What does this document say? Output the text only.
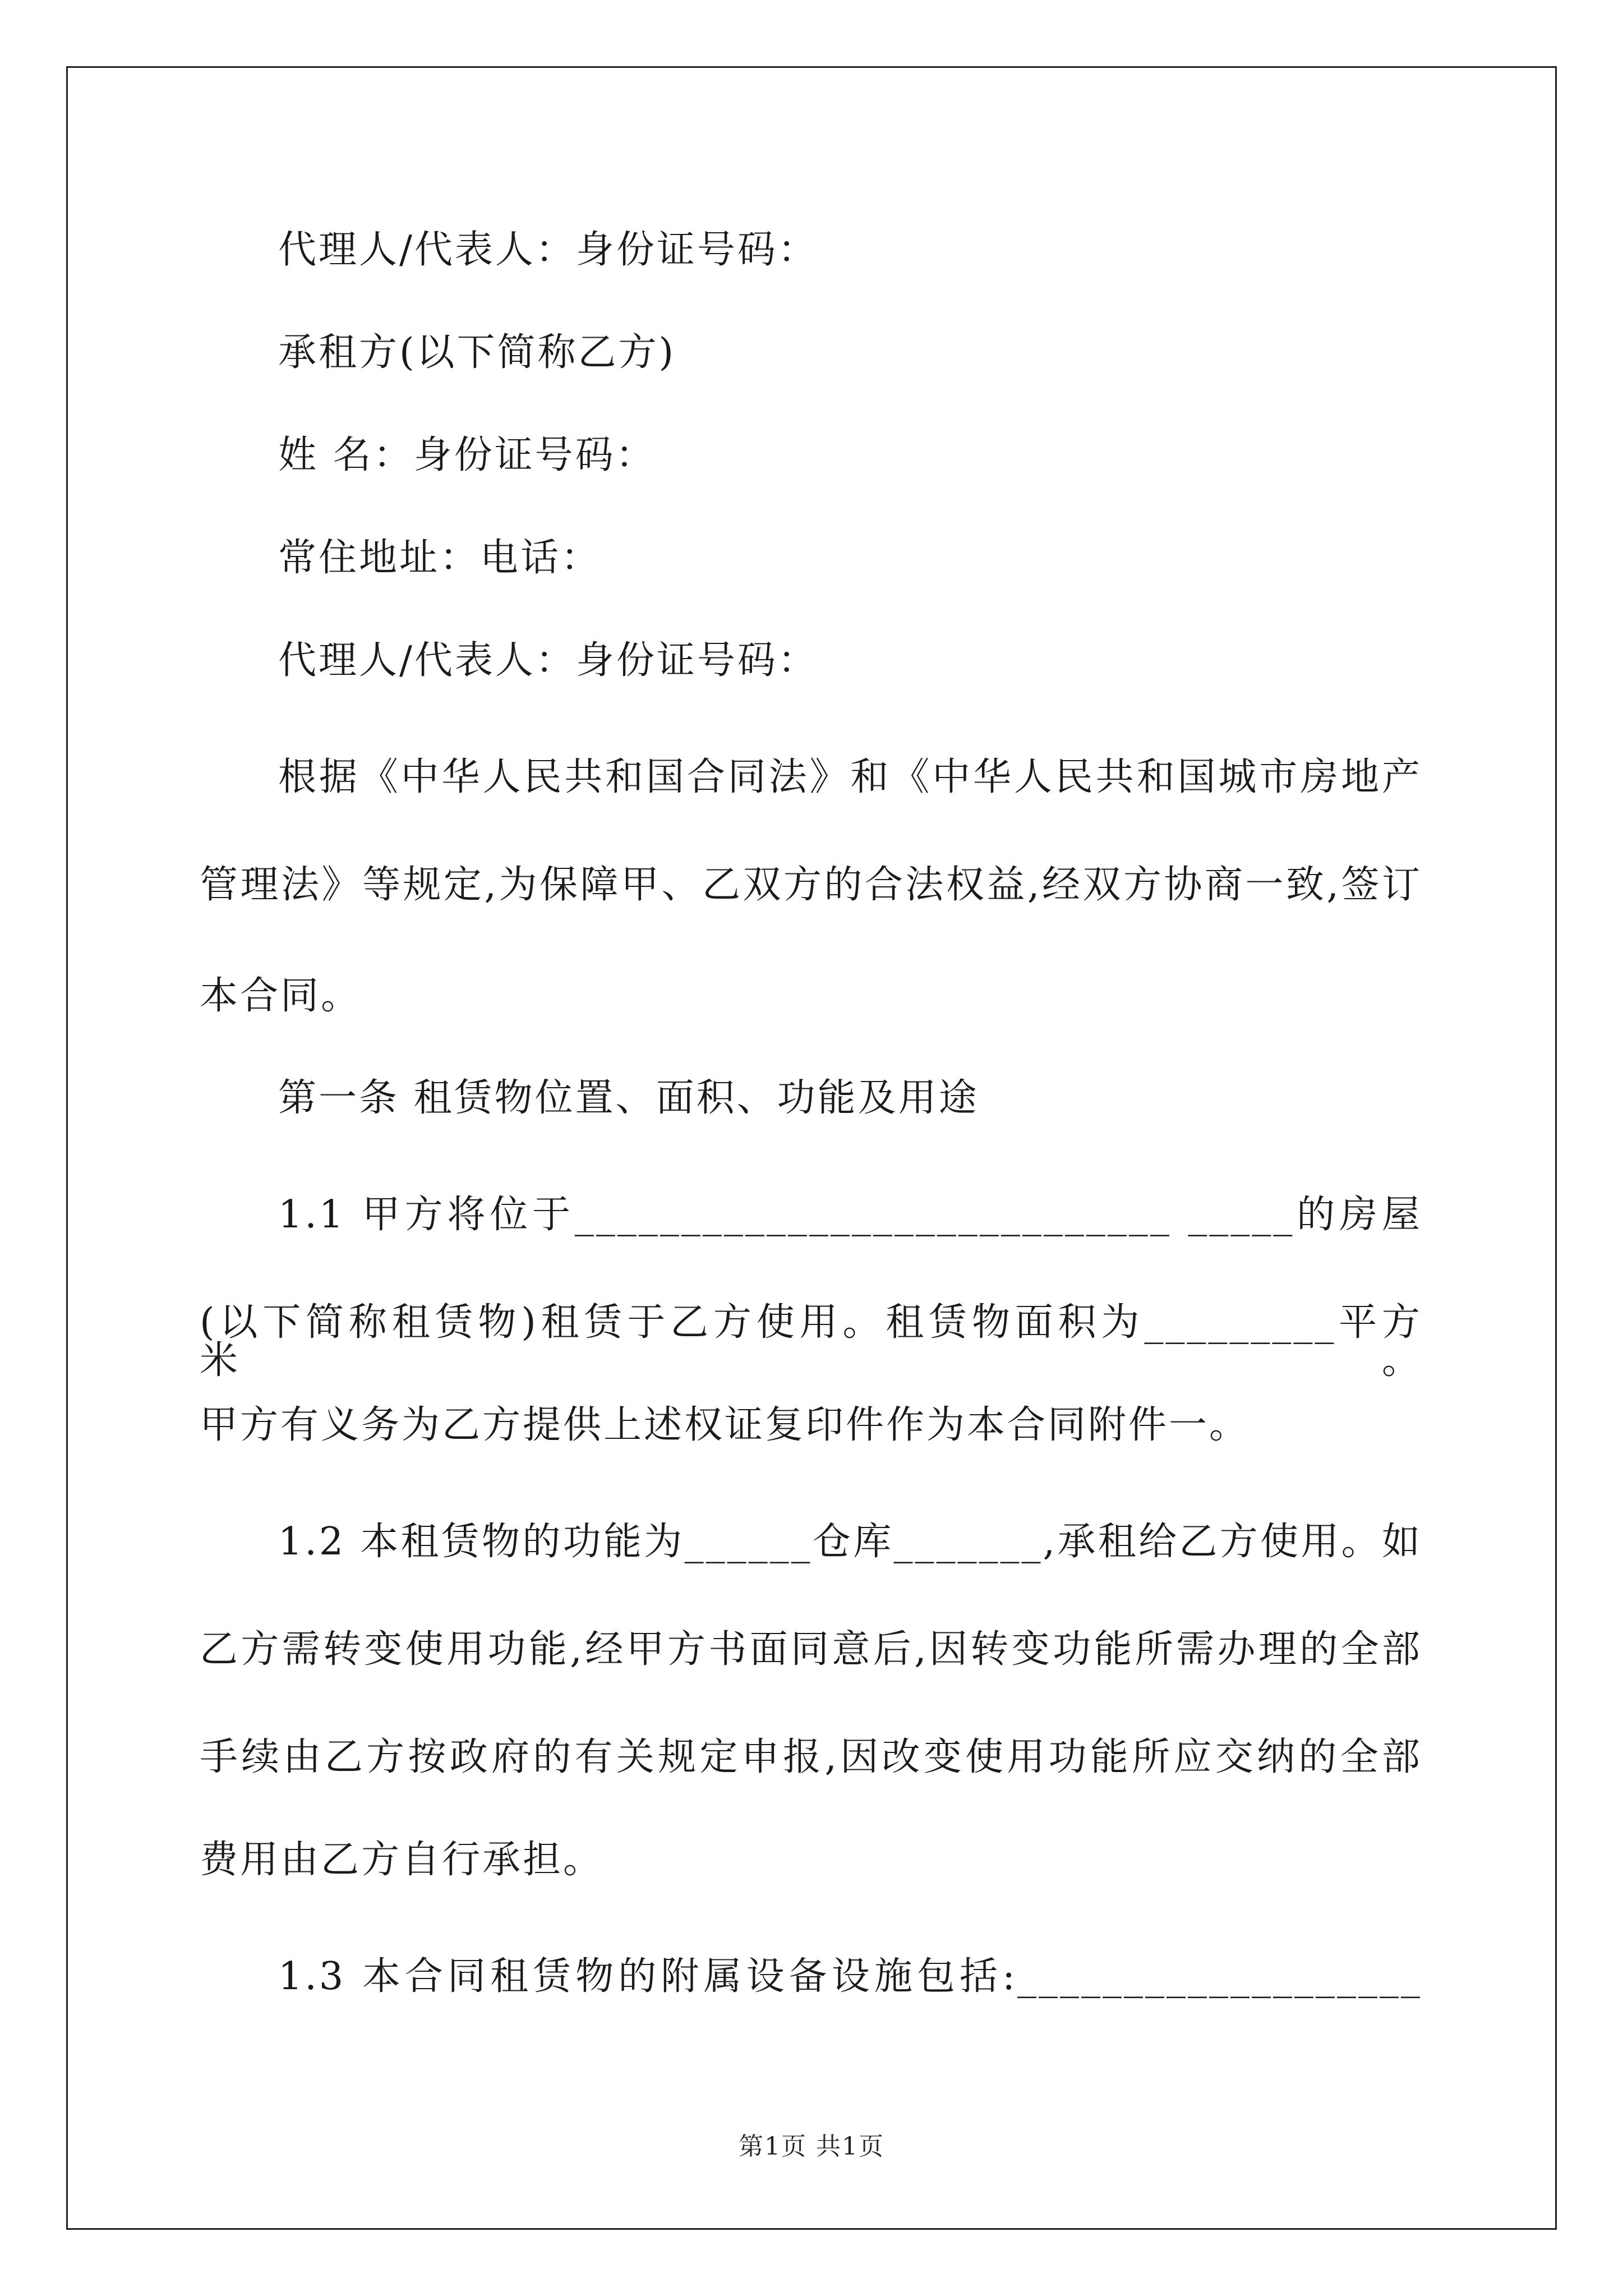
代理人/代表人：身份证号码：
承租方(以下简称乙方)
姓 名：身份证号码：
常住地址：电话：
代理人/代表人：身份证号码：
根据《中华人民共和国合同法》和《中华人民共和国城市房地产
管理法》等规定,为保障甲、乙双方的合法权益,经双方协商一致,签订
本合同。
第一条 租赁物位置、面积、功能及用途
1.1 甲方将位于____________________________ _____的房屋
(以下简称租赁物)租赁于乙方使用。租赁物面积为_________平方米。
甲方有义务为乙方提供上述权证复印件作为本合同附件一。
1.2 本租赁物的功能为______仓库_______,承租给乙方使用。如
乙方需转变使用功能,经甲方书面同意后,因转变功能所需办理的全部
手续由乙方按政府的有关规定申报,因改变使用功能所应交纳的全部
费用由乙方自行承担。
1.3 本合同租赁物的附属设备设施包括:___________________
第1页 共1页
